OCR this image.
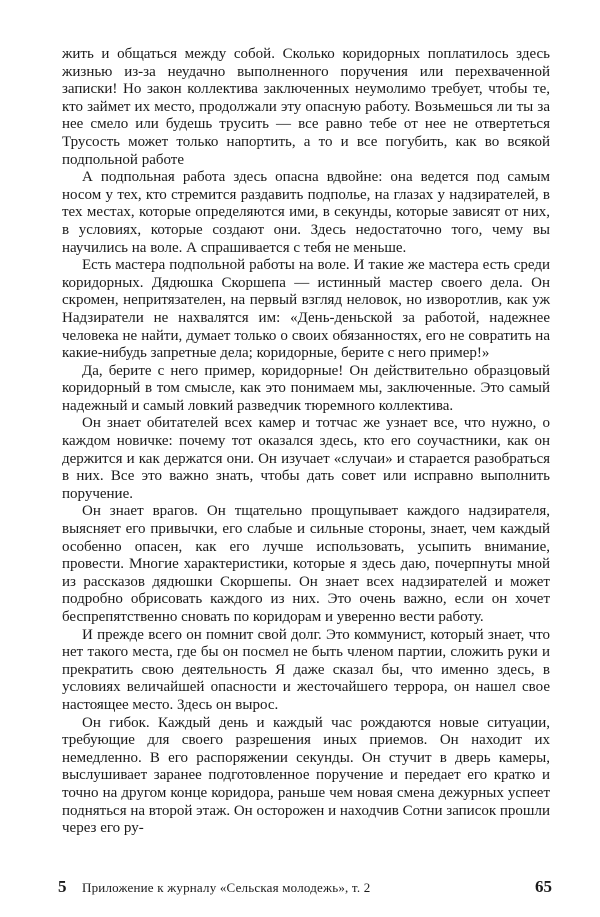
жить и общаться между собой. Сколько коридорных поплатилось здесь жизнью из-за неудачно выполненного поручения или перехваченной записки! Но закон коллектива заключенных неумолимо требует, чтобы те, кто займет их место, продолжали эту опасную работу. Возьмешься ли ты за нее смело или будешь трусить — все равно тебе от нее не отвертеться Трусость может только напортить, а то и все погубить, как во всякой подпольной работе

А подпольная работа здесь опасна вдвойне: она ведется под самым носом у тех, кто стремится раздавить подполье, на глазах у надзирателей, в тех местах, которые определяются ими, в секунды, которые зависят от них, в условиях, которые создают они. Здесь недостаточно того, чему вы научились на воле. А спрашивается с тебя не меньше.

Есть мастера подпольной работы на воле. И такие же мастера есть среди коридорных. Дядюшка Скоршепа — истинный мастер своего дела. Он скромен, непритязателен, на первый взгляд неловок, но изворотлив, как уж Надзиратели не нахвалятся им: «День-деньской за работой, надежнее человека не найти, думает только о своих обязанностях, его не совратить на какие-нибудь запретные дела; коридорные, берите с него пример!»

Да, берите с него пример, коридорные! Он действительно образцовый коридорный в том смысле, как это понимаем мы, заключенные. Это самый надежный и самый ловкий разведчик тюремного коллектива.

Он знает обитателей всех камер и тотчас же узнает все, что нужно, о каждом новичке: почему тот оказался здесь, кто его соучастники, как он держится и как держатся они. Он изучает «случаи» и старается разобраться в них. Все это важно знать, чтобы дать совет или исправно выполнить поручение.

Он знает врагов. Он тщательно прощупывает каждого надзирателя, выясняет его привычки, его слабые и сильные стороны, знает, чем каждый особенно опасен, как его лучше использовать, усыпить внимание, провести. Многие характеристики, которые я здесь даю, почерпнуты мной из рассказов дядюшки Скоршепы. Он знает всех надзирателей и может подробно обрисовать каждого из них. Это очень важно, если он хочет беспрепятственно сновать по коридорам и уверенно вести работу.

И прежде всего он помнит свой долг. Это коммунист, который знает, что нет такого места, где бы он посмел не быть членом партии, сложить руки и прекратить свою деятельность Я даже сказал бы, что именно здесь, в условиях величайшей опасности и жесточайшего террора, он нашел свое настоящее место. Здесь он вырос.

Он гибок. Каждый день и каждый час рождаются новые ситуации, требующие для своего разрешения иных приемов. Он находит их немедленно. В его распоряжении секунды. Он стучит в дверь камеры, выслушивает заранее подготовленное поручение и передает его кратко и точно на другом конце коридора, раньше чем новая смена дежурных успеет подняться на второй этаж. Он осторожен и находчив Сотни записок прошли через его ру-

5 Приложение к журналу «Сельская молодежь», т. 2	65
